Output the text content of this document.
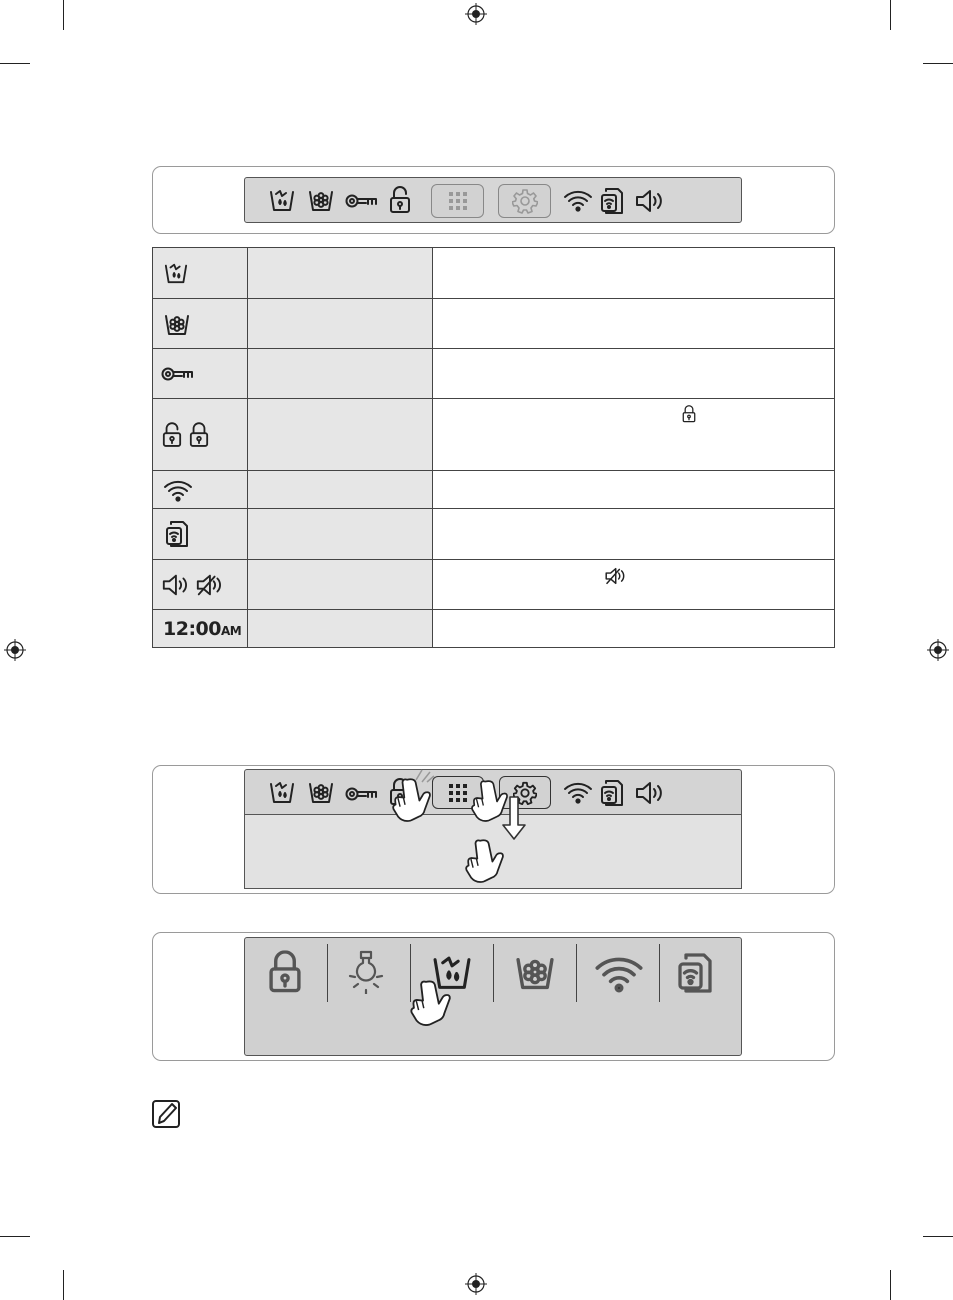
12:00AM		
